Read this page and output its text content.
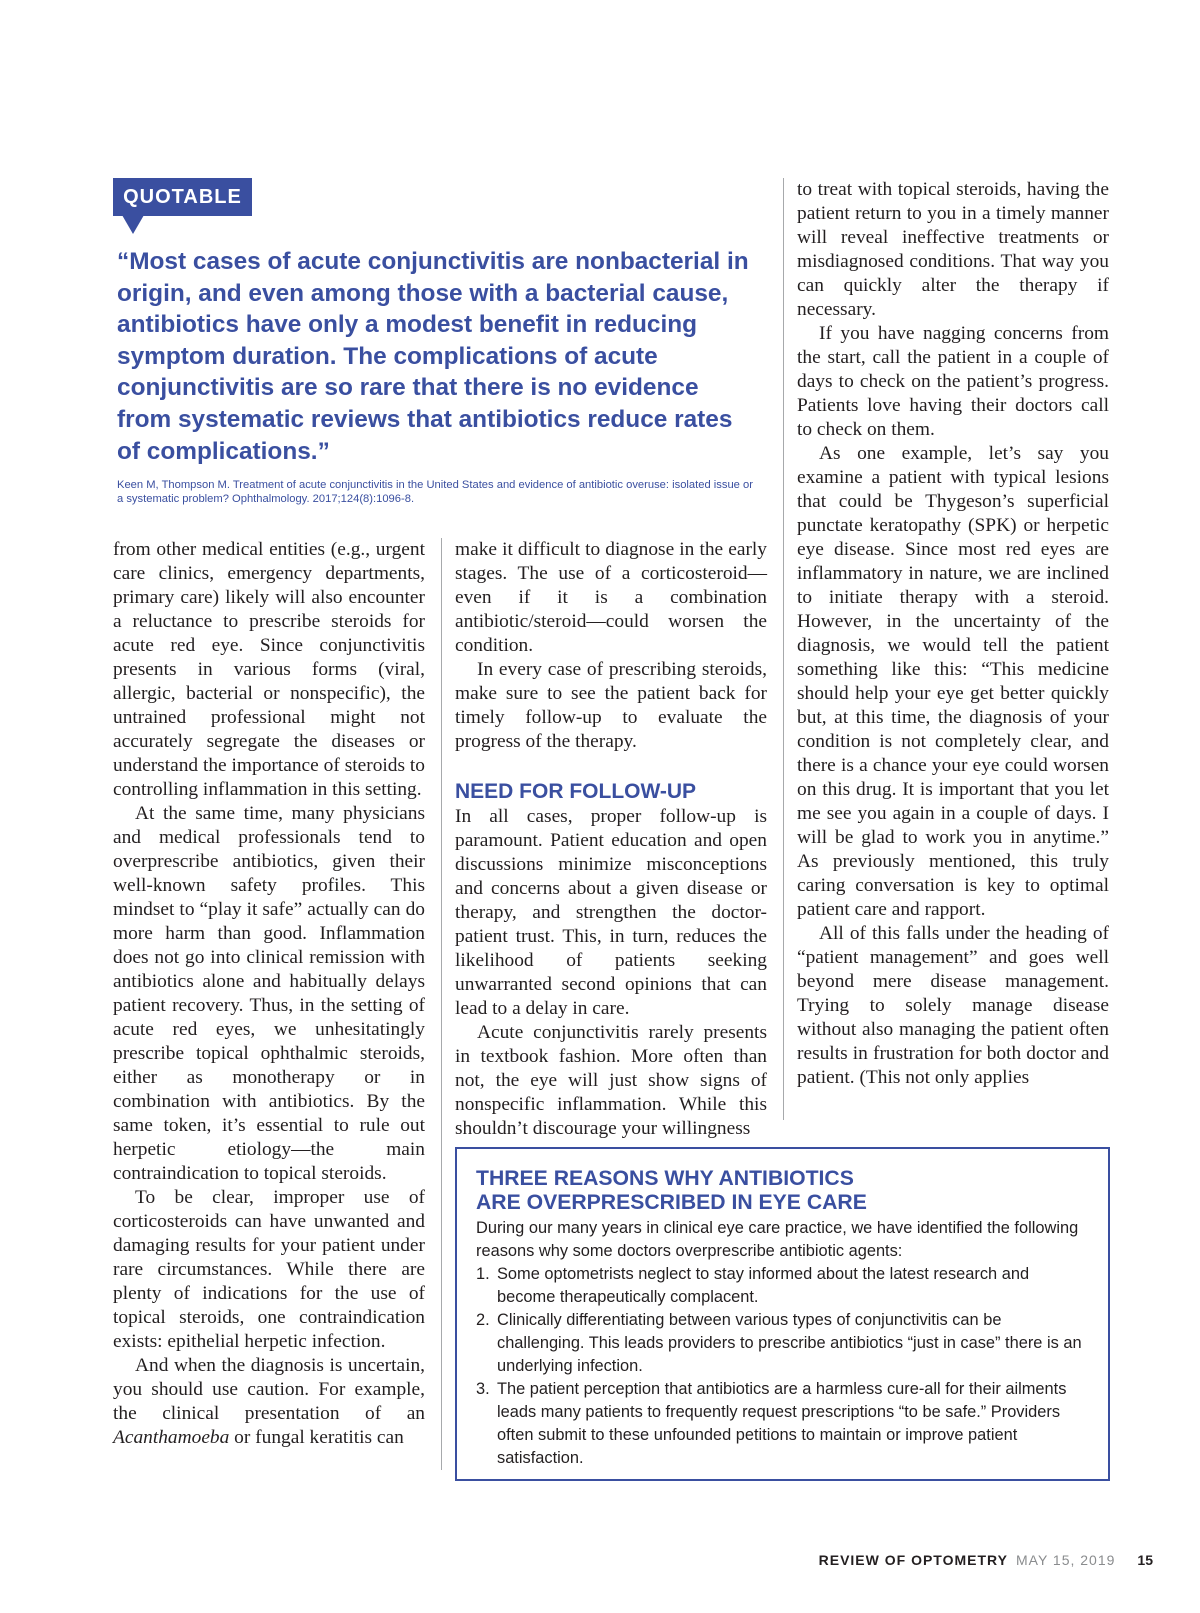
QUOTABLE

“Most cases of acute conjunctivitis are nonbacterial in origin, and even among those with a bacterial cause, antibiotics have only a modest benefit in reducing symptom duration. The complications of acute conjunctivitis are so rare that there is no evidence from systematic reviews that antibiotics reduce rates of complications.”

Keen M, Thompson M. Treatment of acute conjunctivitis in the United States and evidence of antibiotic overuse: isolated issue or a systematic problem? Ophthalmology. 2017;124(8):1096-8.

from other medical entities (e.g., urgent care clinics, emergency departments, primary care) likely will also encounter a reluctance to prescribe steroids for acute red eye. Since conjunctivitis presents in various forms (viral, allergic, bacterial or nonspecific), the untrained professional might not accurately segregate the diseases or understand the importance of steroids to controlling inflammation in this setting.

At the same time, many physicians and medical professionals tend to overprescribe antibiotics, given their well-known safety profiles. This mindset to “play it safe” actually can do more harm than good. Inflammation does not go into clinical remission with antibiotics alone and habitually delays patient recovery. Thus, in the setting of acute red eyes, we unhesitatingly prescribe topical ophthalmic steroids, either as monotherapy or in combination with antibiotics. By the same token, it’s essential to rule out herpetic etiology—the main contraindication to topical steroids.

To be clear, improper use of corticosteroids can have unwanted and damaging results for your patient under rare circumstances. While there are plenty of indications for the use of topical steroids, one contraindication exists: epithelial herpetic infection.

And when the diagnosis is uncertain, you should use caution. For example, the clinical presentation of an Acanthamoeba or fungal keratitis can

make it difficult to diagnose in the early stages. The use of a corticosteroid—even if it is a combination antibiotic/steroid—could worsen the condition.

In every case of prescribing steroids, make sure to see the patient back for timely follow-up to evaluate the progress of the therapy.

NEED FOR FOLLOW-UP

In all cases, proper follow-up is paramount. Patient education and open discussions minimize misconceptions and concerns about a given disease or therapy, and strengthen the doctor-patient trust. This, in turn, reduces the likelihood of patients seeking unwarranted second opinions that can lead to a delay in care.

Acute conjunctivitis rarely presents in textbook fashion. More often than not, the eye will just show signs of nonspecific inflammation. While this shouldn’t discourage your willingness

to treat with topical steroids, having the patient return to you in a timely manner will reveal ineffective treatments or misdiagnosed conditions. That way you can quickly alter the therapy if necessary.

If you have nagging concerns from the start, call the patient in a couple of days to check on the patient’s progress. Patients love having their doctors call to check on them.

As one example, let’s say you examine a patient with typical lesions that could be Thygeson’s superficial punctate keratopathy (SPK) or herpetic eye disease. Since most red eyes are inflammatory in nature, we are inclined to initiate therapy with a steroid. However, in the uncertainty of the diagnosis, we would tell the patient something like this: “This medicine should help your eye get better quickly but, at this time, the diagnosis of your condition is not completely clear, and there is a chance your eye could worsen on this drug. It is important that you let me see you again in a couple of days. I will be glad to work you in anytime.” As previously mentioned, this truly caring conversation is key to optimal patient care and rapport.

All of this falls under the heading of “patient management” and goes well beyond mere disease management. Trying to solely manage disease without also managing the patient often results in frustration for both doctor and patient. (This not only applies

THREE REASONS WHY ANTIBIOTICS
ARE OVERPRESCRIBED IN EYE CARE

During our many years in clinical eye care practice, we have identified the following reasons why some doctors overprescribe antibiotic agents:

1. Some optometrists neglect to stay informed about the latest research and become therapeutically complacent.
2. Clinically differentiating between various types of conjunctivitis can be challenging. This leads providers to prescribe antibiotics “just in case” there is an underlying infection.
3. The patient perception that antibiotics are a harmless cure-all for their ailments leads many patients to frequently request prescriptions “to be safe.” Providers often submit to these unfounded petitions to maintain or improve patient satisfaction.
REVIEW OF OPTOMETRY MAY 15, 2019 15
